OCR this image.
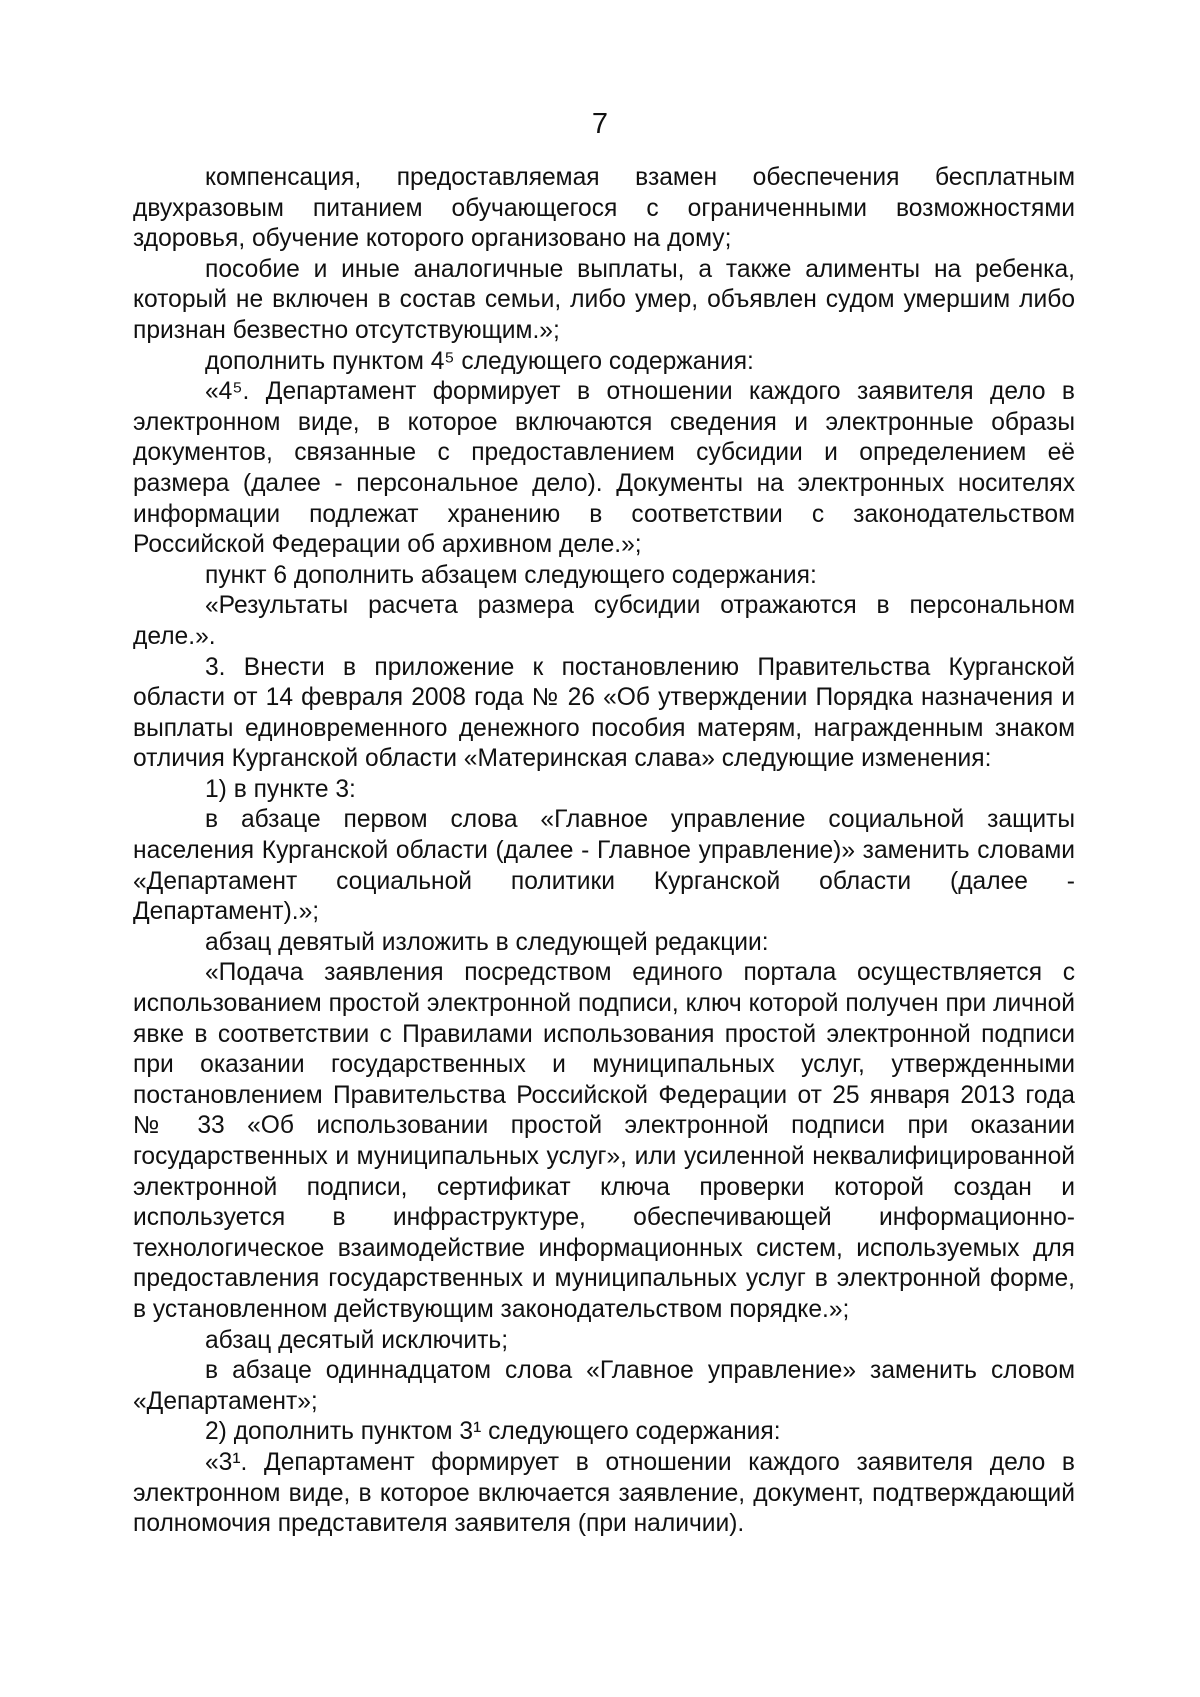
7

компенсация, предоставляемая взамен обеспечения бесплатным двухразовым питанием обучающегося с ограниченными возможностями здоровья, обучение которого организовано на дому;

пособие и иные аналогичные выплаты, а также алименты на ребенка, который не включен в состав семьи, либо умер, объявлен судом умершим либо признан безвестно отсутствующим.»;

дополнить пунктом 4⁵ следующего содержания:

«4⁵. Департамент формирует в отношении каждого заявителя дело в электронном виде, в которое включаются сведения и электронные образы документов, связанные с предоставлением субсидии и определением её размера (далее - персональное дело). Документы на электронных носителях информации подлежат хранению в соответствии с законодательством Российской Федерации об архивном деле.»;

пункт 6 дополнить абзацем следующего содержания:

«Результаты расчета размера субсидии отражаются в персональном деле.».

3. Внести в приложение к постановлению Правительства Курганской области от 14 февраля 2008 года № 26 «Об утверждении Порядка назначения и выплаты единовременного денежного пособия матерям, награжденным знаком отличия Курганской области «Материнская слава» следующие изменения:

1) в пункте 3:

в абзаце первом слова «Главное управление социальной защиты населения Курганской области (далее - Главное управление)» заменить словами «Департамент социальной политики Курганской области (далее - Департамент).»;

абзац девятый изложить в следующей редакции:

«Подача заявления посредством единого портала осуществляется с использованием простой электронной подписи, ключ которой получен при личной явке в соответствии с Правилами использования простой электронной подписи при оказании государственных и муниципальных услуг, утвержденными постановлением Правительства Российской Федерации от 25 января 2013 года № 33 «Об использовании простой электронной подписи при оказании государственных и муниципальных услуг», или усиленной неквалифицированной электронной подписи, сертификат ключа проверки которой создан и используется в инфраструктуре, обеспечивающей информационно-технологическое взаимодействие информационных систем, используемых для предоставления государственных и муниципальных услуг в электронной форме, в установленном действующим законодательством порядке.»;

абзац десятый исключить;

в абзаце одиннадцатом слова «Главное управление» заменить словом «Департамент»;

2) дополнить пунктом 3¹ следующего содержания:

«3¹. Департамент формирует в отношении каждого заявителя дело в электронном виде, в которое включается заявление, документ, подтверждающий полномочия представителя заявителя (при наличии).
